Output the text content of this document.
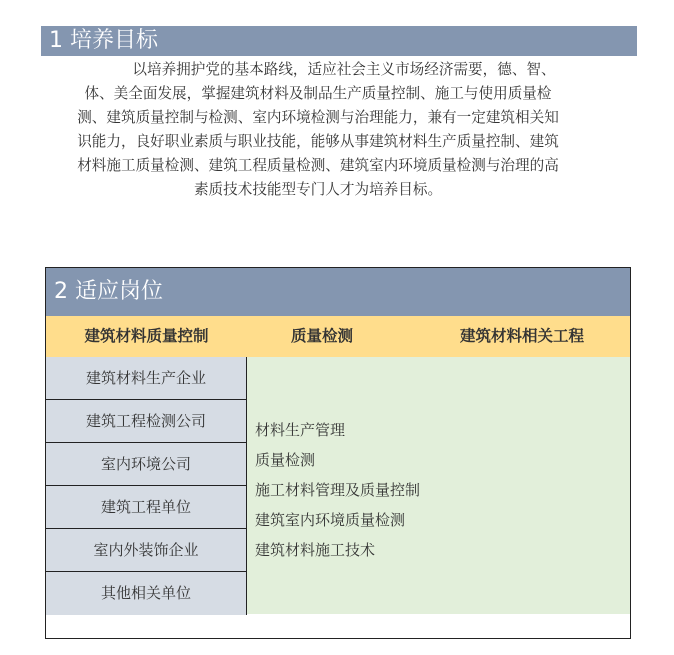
1 培养目标
以培养拥护党的基本路线，适应社会主义市场经济需要，德、智、
体、美全面发展，掌握建筑材料及制品生产质量控制、施工与使用质量检
测、建筑质量控制与检测、室内环境检测与治理能力，兼有一定建筑相关知
识能力，良好职业素质与职业技能，能够从事建筑材料生产质量控制、建筑
材料施工质量检测、建筑工程质量检测、建筑室内环境质量检测与治理的高
素质技术技能型专门人才为培养目标。
2 适应岗位
建筑材料质量控制	质量检测	建筑材料相关工程
建筑材料生产企业
建筑工程检测公司
室内环境公司
建筑工程单位
室内外装饰企业
其他相关单位
材料生产管理
质量检测
施工材料管理及质量控制
建筑室内环境质量检测
建筑材料施工技术
